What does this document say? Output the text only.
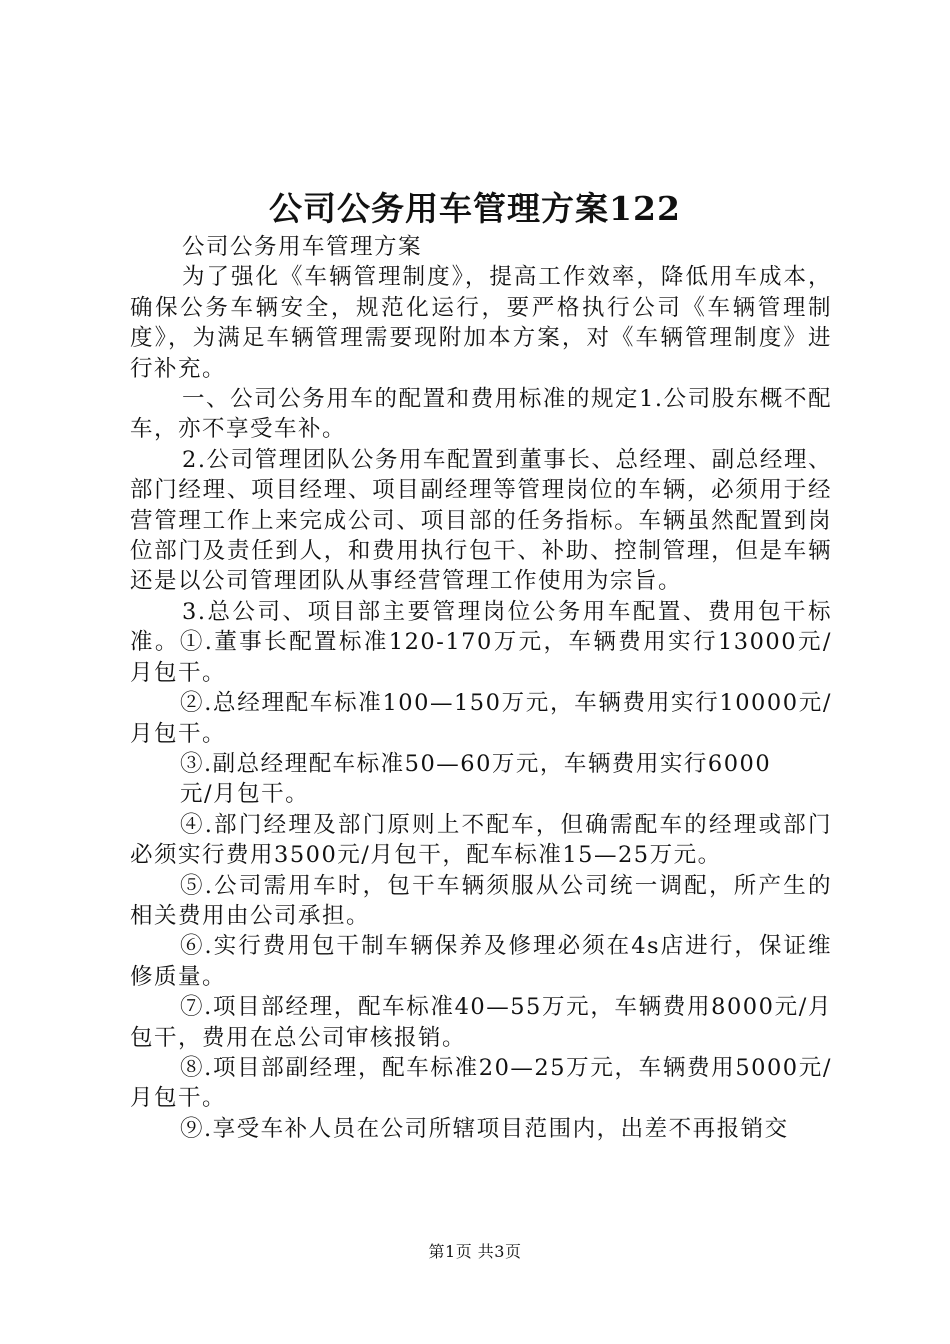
公司公务用车管理方案122

公司公务用车管理方案

为了强化《车辆管理制度》，提高工作效率，降低用车成本，确保公务车辆安全，规范化运行，要严格执行公司《车辆管理制度》，为满足车辆管理需要现附加本方案，对《车辆管理制度》进行补充。

一、公司公务用车的配置和费用标准的规定1.公司股东概不配车，亦不享受车补。

2.公司管理团队公务用车配置到董事长、总经理、副总经理、部门经理、项目经理、项目副经理等管理岗位的车辆，必须用于经营管理工作上来完成公司、项目部的任务指标。车辆虽然配置到岗位部门及责任到人，和费用执行包干、补助、控制管理，但是车辆还是以公司管理团队从事经营管理工作使用为宗旨。

3.总公司、项目部主要管理岗位公务用车配置、费用包干标准。①.董事长配置标准120-170万元，车辆费用实行13000元/月包干。

②.总经理配车标准100—150万元，车辆费用实行10000元/月包干。

③.副总经理配车标准50—60万元，车辆费用实行6000

元/月包干。

④.部门经理及部门原则上不配车，但确需配车的经理或部门必须实行费用3500元/月包干，配车标准15—25万元。

⑤.公司需用车时，包干车辆须服从公司统一调配，所产生的相关费用由公司承担。

⑥.实行费用包干制车辆保养及修理必须在4s店进行，保证维修质量。

⑦.项目部经理，配车标准40—55万元，车辆费用8000元/月包干，费用在总公司审核报销。

⑧.项目部副经理，配车标准20—25万元，车辆费用5000元/月包干。

⑨.享受车补人员在公司所辖项目范围内，出差不再报销交

第1页 共3页
